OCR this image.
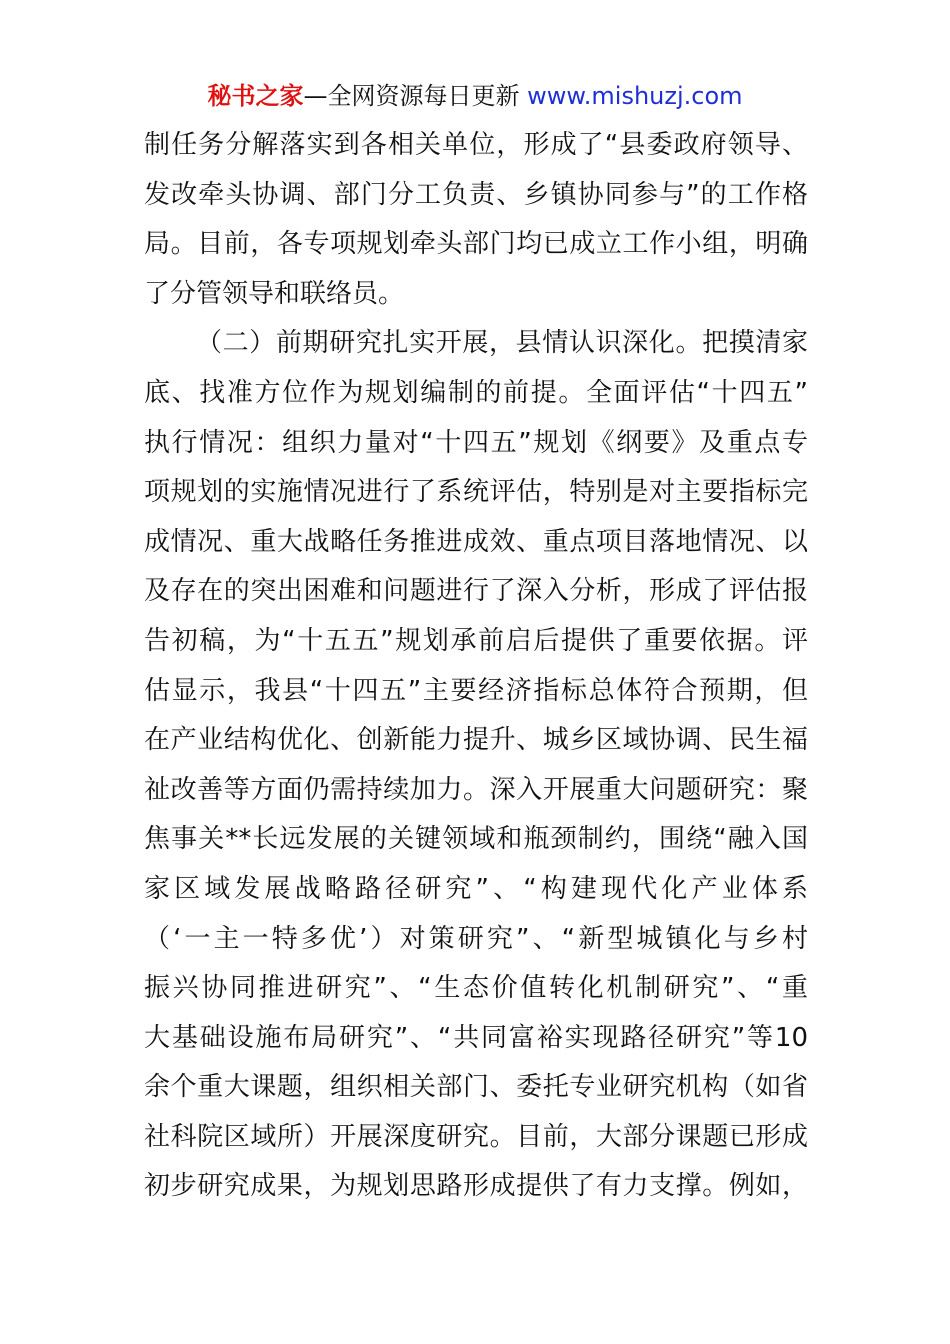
秘书之家—全网资源每日更新 www.mishuzj.com
制任务分解落实到各相关单位，形成了“县委政府领导、
发改牵头协调、部门分工负责、乡镇协同参与”的工作格
局。目前，各专项规划牵头部门均已成立工作小组，明确
了分管领导和联络员。
（二）前期研究扎实开展，县情认识深化。把摸清家
底、找准方位作为规划编制的前提。全面评估“十四五”
执行情况：组织力量对“十四五”规划《纲要》及重点专
项规划的实施情况进行了系统评估，特别是对主要指标完
成情况、重大战略任务推进成效、重点项目落地情况、以
及存在的突出困难和问题进行了深入分析，形成了评估报
告初稿，为“十五五”规划承前启后提供了重要依据。评
估显示，我县“十四五”主要经济指标总体符合预期，但
在产业结构优化、创新能力提升、城乡区域协调、民生福
祉改善等方面仍需持续加力。深入开展重大问题研究：聚
焦事关**长远发展的关键领域和瓶颈制约，围绕“融入国
家区域发展战略路径研究”、“构建现代化产业体系
（‘一主一特多优’）对策研究”、“新型城镇化与乡村
振兴协同推进研究”、“生态价值转化机制研究”、“重
大基础设施布局研究”、“共同富裕实现路径研究”等10
余个重大课题，组织相关部门、委托专业研究机构（如省
社科院区域所）开展深度研究。目前，大部分课题已形成
初步研究成果，为规划思路形成提供了有力支撑。例如，
